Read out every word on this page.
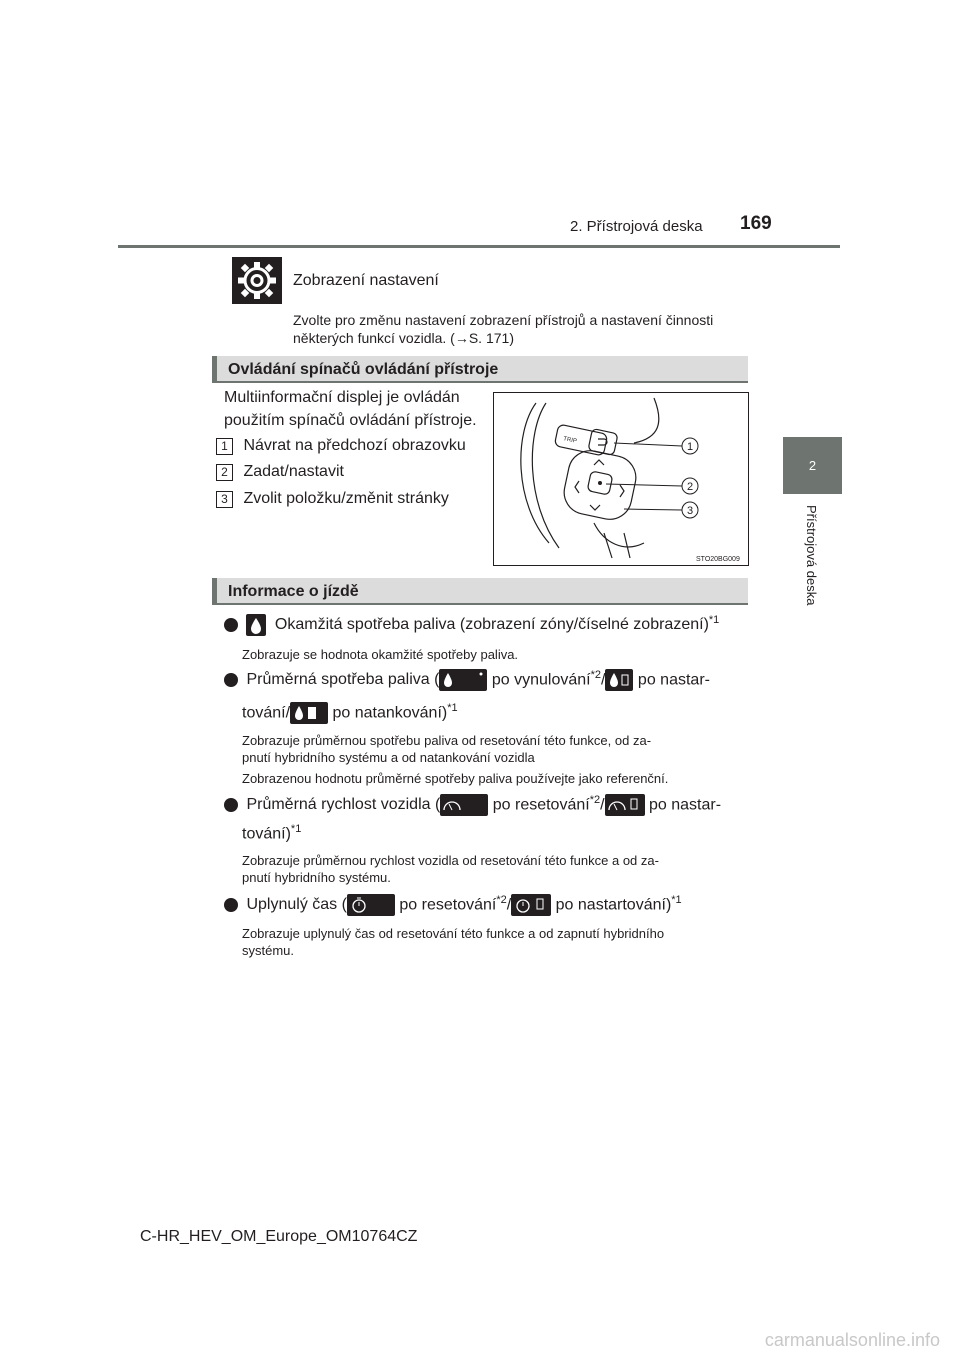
2. Přístrojová deska 169
2
Přístrojová deska
Zobrazení nastavení
Zvolte pro změnu nastavení zobrazení přístrojů a nastavení činnosti
některých funkcí vozidla. (→S. 171)
Ovládání spínačů ovládání přístroje
Multiinformační displej je ovládán
použitím spínačů ovládání přístroje.
1 Návrat na předchozí obrazovku
2 Zadat/nastavit
3 Zvolit položku/změnit stránky
TRIP
1
2
3
STO20BG009
Informace o jízdě

Okamžitá spotřeba paliva (zobrazení zóny/číselné zobrazení)$^{*1}$
Zobrazuje se hodnota okamžité spotřeby paliva.
Průměrná spotřeba paliva (	po vynulování$^{*2}$/
po nastar-
tování/
po natankování)$^{*1}$
Zobrazuje průměrnou spotřebu paliva od resetování této funkce, od za-
pnutí hybridního systému a od natankování vozidla
Zobrazenou hodnotu průměrné spotřeby paliva používejte jako referenční.
Průměrná rychlost vozidla (	po resetování$^{*2}$/	po nastar-
tování)$^{*1}$
Zobrazuje průměrnou rychlost vozidla od resetování této funkce a od za-
pnutí hybridního systému.
Uplynulý čas (	po resetování$^{*2}$/	po nastartování)$^{*1}$
Zobrazuje uplynulý čas od resetování této funkce a od zapnutí hybridního
systému.
C-HR_HEV_OM_Europe_OM10764CZ
carmanualsonline.info
